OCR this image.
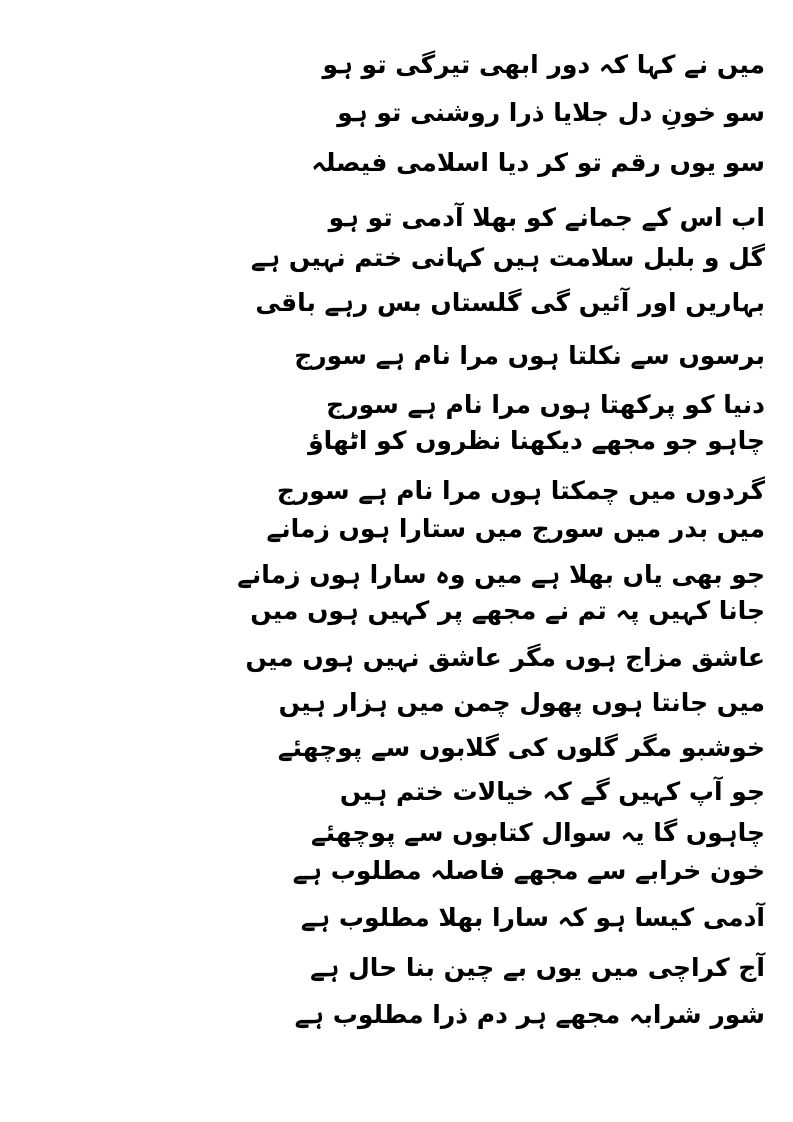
میں نے کہا کہ دور ابھی تیرگی تو ہو
سو خونِ دل جلایا ذرا روشنی تو ہو
سو یوں رقم تو کر دیا اسلامی فیصلہ
اب اس کے جمانے کو بھلا آدمی تو ہو
گل و بلبل سلامت ہیں کہانی ختم نہیں ہے
بہاریں اور آئیں گی گلستاں بس رہے باقی
برسوں سے نکلتا ہوں مرا نام ہے سورج
دنیا کو پرکھتا ہوں مرا نام ہے سورج
چاہو جو مجھے دیکھنا نظروں کو اٹھاؤ
گردوں میں چمکتا ہوں مرا نام ہے سورج
میں بدر میں سورج میں ستارا ہوں زمانے
جو بھی یاں بھلا ہے میں وہ سارا ہوں زمانے
جانا کہیں پہ تم نے مجھے پر کہیں ہوں میں
عاشق مزاج ہوں مگر عاشق نہیں ہوں میں
میں جانتا ہوں پھول چمن میں ہزار ہیں
خوشبو مگر گلوں کی گلابوں سے پوچھئے
جو آپ کہیں گے کہ خیالات ختم ہیں
چاہوں گا یہ سوال کتابوں سے پوچھئے
خون خرابے سے مجھے فاصلہ مطلوب ہے
آدمی کیسا ہو کہ سارا بھلا مطلوب ہے
آج کراچی میں یوں بے چین بنا حال ہے
شور شرابہ مجھے ہر دم ذرا مطلوب ہے
